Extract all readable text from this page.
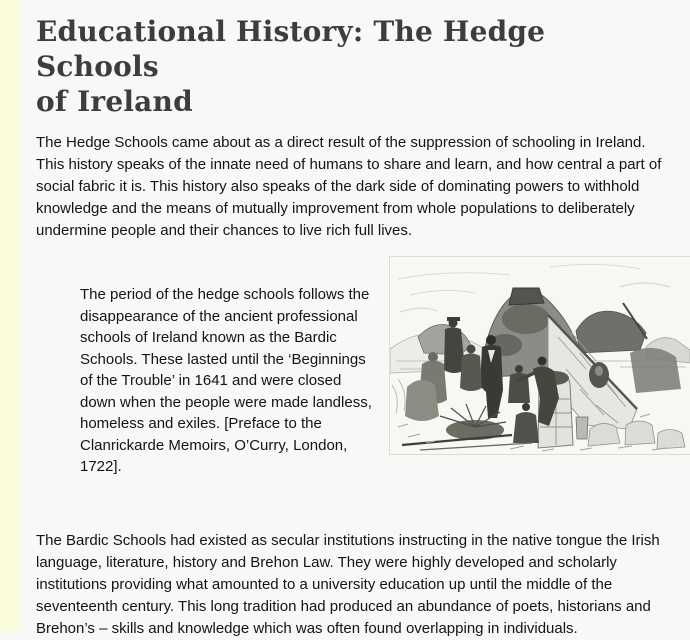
Educational History: The Hedge Schools
of Ireland

The Hedge Schools came about as a direct result of the suppression of schooling in Ireland. This history speaks of the innate need of humans to share and learn, and how central a part of social fabric it is. This history also speaks of the dark side of dominating powers to withhold knowledge and the means of mutually improvement from whole populations to deliberately undermine people and their chances to live rich full lives.

The period of the hedge schools follows the disappearance of the ancient professional schools of Ireland known as the Bardic Schools. These lasted until the ‘Beginnings of the Trouble’ in 1641 and were closed down when the people were made landless, homeless and exiles. [Preface to the Clanrickarde Memoirs, O’Curry, London, 1722].

The Bardic Schools had existed as secular institutions instructing in the native tongue the Irish language, literature, history and Brehon Law. They were highly developed and scholarly institutions providing what amounted to a university education up until the middle of the seventeenth century. This long tradition had produced an abundance of poets, historians and Brehon’s – skills and knowledge which was often found overlapping in individuals.
